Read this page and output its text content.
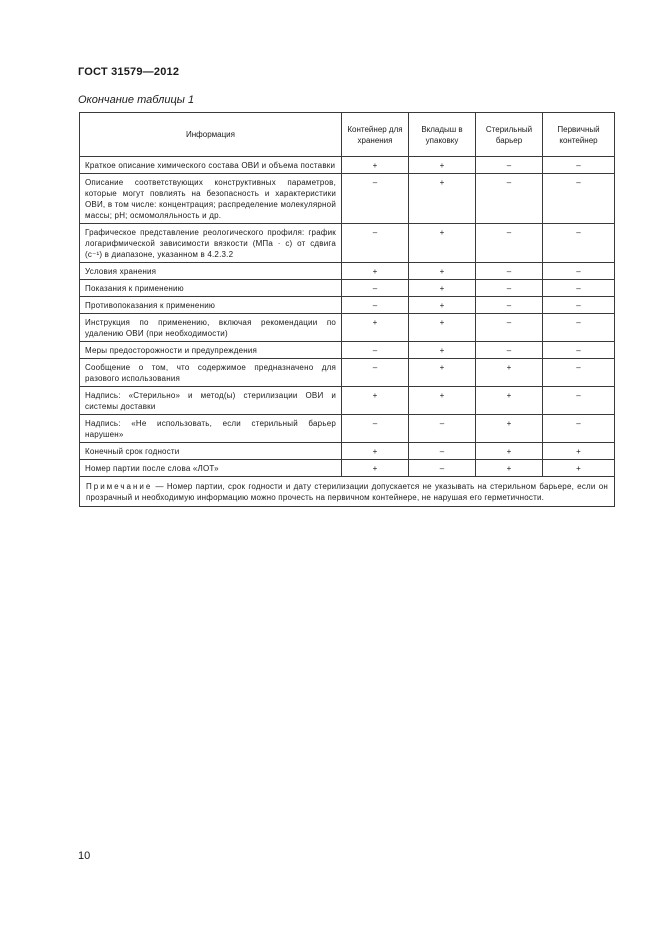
ГОСТ 31579—2012
Окончание таблицы 1
Информация	Контейнер для хранения	Вкладыш в упаковку	Стерильный барьер	Первичный контейнер
Краткое описание химического состава ОВИ и объема поставки	+	+	–	–
Описание соответствующих конструктивных параметров, которые могут повлиять на безопасность и характеристики ОВИ, в том числе: концентрация; распределение молекулярной массы; pH; осмомоляльность и др.	–	+	–	–
Графическое представление реологического профиля: график логарифмической зависимости вязкости (МПа · с) от сдвига (с⁻¹) в диапазоне, указанном в 4.2.3.2	–	+	–	–
Условия хранения	+	+	–	–
Показания к применению	–	+	–	–
Противопоказания к применению	–	+	–	–
Инструкция по применению, включая рекомендации по удалению ОВИ (при необходимости)	+	+	–	–
Меры предосторожности и предупреждения	–	+	–	–
Сообщение о том, что содержимое предназначено для разового использования	–	+	+	–
Надпись: «Стерильно» и метод(ы) стерилизации ОВИ и системы доставки	+	+	+	–
Надпись: «Не использовать, если стерильный барьер нарушен»	–	–	+	–
Конечный срок годности	+	–	+	+
Номер партии после слова «ЛОТ»	+	–	+	+
Примечание — Номер партии, срок годности и дату стерилизации допускается не указывать на стерильном барьере, если он прозрачный и необходимую информацию можно прочесть на первичном контейнере, не нарушая его герметичности.				
10
